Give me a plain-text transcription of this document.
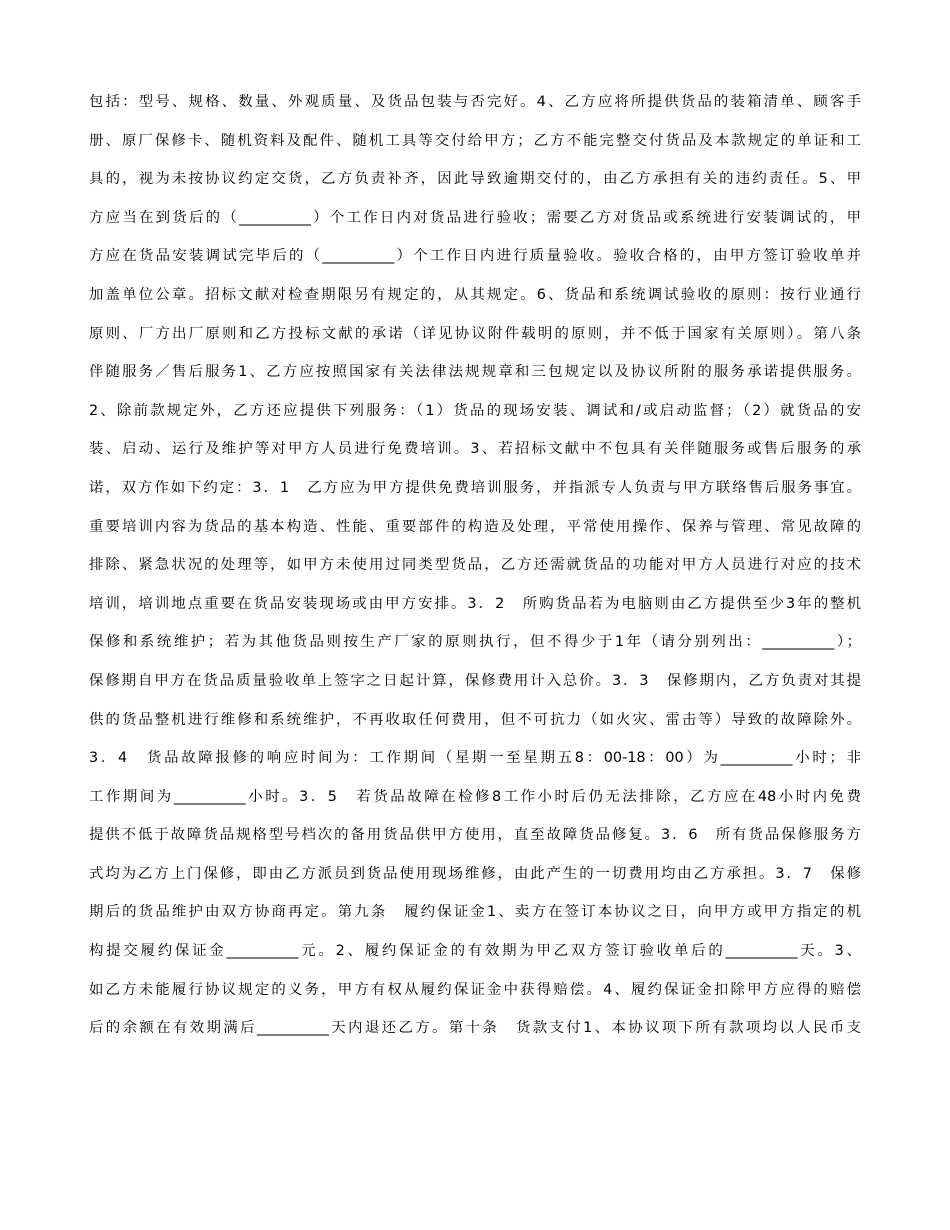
包括：型号、规格、数量、外观质量、及货品包装与否完好。4、乙方应将所提供货品的装箱清单、顾客手
册、原厂保修卡、随机资料及配件、随机工具等交付给甲方；乙方不能完整交付货品及本款规定的单证和工
具的，视为未按协议约定交货，乙方负责补齐，因此导致逾期交付的，由乙方承担有关的违约责任。5、甲
方应当在到货后的（__________）个工作日内对货品进行验收；需要乙方对货品或系统进行安装调试的，甲
方应在货品安装调试完毕后的（__________）个工作日内进行质量验收。验收合格的，由甲方签订验收单并
加盖单位公章。招标文献对检查期限另有规定的，从其规定。6、货品和系统调试验收的原则：按行业通行
原则、厂方出厂原则和乙方投标文献的承诺（详见协议附件载明的原则，并不低于国家有关原则）。第八条
伴随服务／售后服务1、乙方应按照国家有关法律法规规章和三包规定以及协议所附的服务承诺提供服务。
2、除前款规定外，乙方还应提供下列服务：（1）货品的现场安装、调试和/或启动监督；（2）就货品的安
装、启动、运行及维护等对甲方人员进行免费培训。3、若招标文献中不包具有关伴随服务或售后服务的承
诺，双方作如下约定：3．1　乙方应为甲方提供免费培训服务，并指派专人负责与甲方联络售后服务事宜。
重要培训内容为货品的基本构造、性能、重要部件的构造及处理，平常使用操作、保养与管理、常见故障的
排除、紧急状况的处理等，如甲方未使用过同类型货品，乙方还需就货品的功能对甲方人员进行对应的技术
培训，培训地点重要在货品安装现场或由甲方安排。3．2　所购货品若为电脑则由乙方提供至少3年的整机
保修和系统维护；若为其他货品则按生产厂家的原则执行，但不得少于1年（请分别列出：__________）；
保修期自甲方在货品质量验收单上签字之日起计算，保修费用计入总价。3．3　保修期内，乙方负责对其提
供的货品整机进行维修和系统维护，不再收取任何费用，但不可抗力（如火灾、雷击等）导致的故障除外。
3．4　货品故障报修的响应时间为：工作期间（星期一至星期五8：00-18：00）为__________小时；非
工作期间为__________小时。3．5　若货品故障在检修8工作小时后仍无法排除，乙方应在48小时内免费
提供不低于故障货品规格型号档次的备用货品供甲方使用，直至故障货品修复。3．6　所有货品保修服务方
式均为乙方上门保修，即由乙方派员到货品使用现场维修，由此产生的一切费用均由乙方承担。3．7　保修
期后的货品维护由双方协商再定。第九条　履约保证金1、卖方在签订本协议之日，向甲方或甲方指定的机
构提交履约保证金__________元。2、履约保证金的有效期为甲乙双方签订验收单后的__________天。3、
如乙方未能履行协议规定的义务，甲方有权从履约保证金中获得赔偿。4、履约保证金扣除甲方应得的赔偿
后的余额在有效期满后__________天内退还乙方。第十条　货款支付1、本协议项下所有款项均以人民币支
